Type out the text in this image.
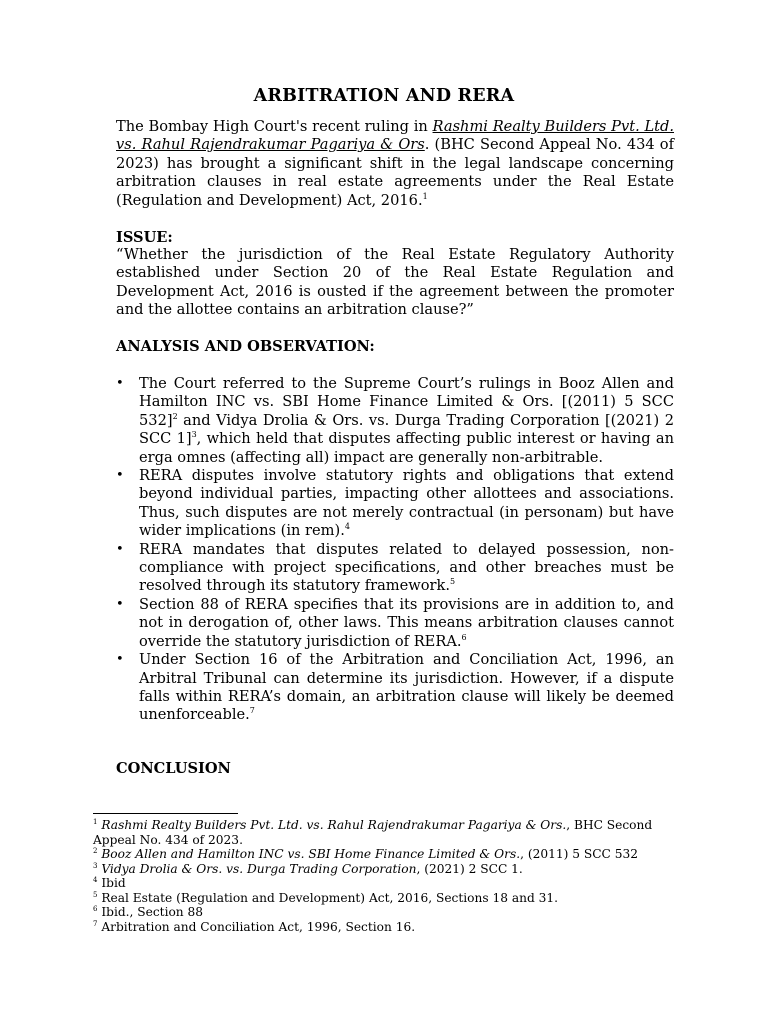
ARBITRATION AND RERA

The Bombay High Court's recent ruling in Rashmi Realty Builders Pvt. Ltd. vs. Rahul Rajendrakumar Pagariya & Ors. (BHC Second Appeal No. 434 of 2023) has brought a significant shift in the legal landscape concerning arbitration clauses in real estate agreements under the Real Estate (Regulation and Development) Act, 2016.$^1$

ISSUE:

“Whether the jurisdiction of the Real Estate Regulatory Authority established under Section 20 of the Real Estate Regulation and Development Act, 2016 is ousted if the agreement between the promoter and the allottee contains an arbitration clause?”

ANALYSIS AND OBSERVATION:
• The Court referred to the Supreme Court’s rulings in Booz Allen and Hamilton INC vs. SBI Home Finance Limited & Ors. [(2011) 5 SCC 532]$^2$ and Vidya Drolia & Ors. vs. Durga Trading Corporation [(2021) 2 SCC 1]$^3$, which held that disputes affecting public interest or having an erga omnes (affecting all) impact are generally non-arbitrable.
• RERA disputes involve statutory rights and obligations that extend beyond individual parties, impacting other allottees and associations. Thus, such disputes are not merely contractual (in personam) but have wider implications (in rem).$^4$
• RERA mandates that disputes related to delayed possession, non-compliance with project specifications, and other breaches must be resolved through its statutory framework.$^5$
• Section 88 of RERA specifies that its provisions are in addition to, and not in derogation of, other laws. This means arbitration clauses cannot override the statutory jurisdiction of RERA.$^6$
• Under Section 16 of the Arbitration and Conciliation Act, 1996, an Arbitral Tribunal can determine its jurisdiction. However, if a dispute falls within RERA’s domain, an arbitration clause will likely be deemed unenforceable.$^7$
CONCLUSION
$^1$ Rashmi Realty Builders Pvt. Ltd. vs. Rahul Rajendrakumar Pagariya & Ors., BHC Second Appeal No. 434 of 2023.
$^2$ Booz Allen and Hamilton INC vs. SBI Home Finance Limited & Ors., (2011) 5 SCC 532
$^3$ Vidya Drolia & Ors. vs. Durga Trading Corporation, (2021) 2 SCC 1.
$^4$ Ibid
$^5$ Real Estate (Regulation and Development) Act, 2016, Sections 18 and 31.
$^6$ Ibid., Section 88
$^7$ Arbitration and Conciliation Act, 1996, Section 16.
